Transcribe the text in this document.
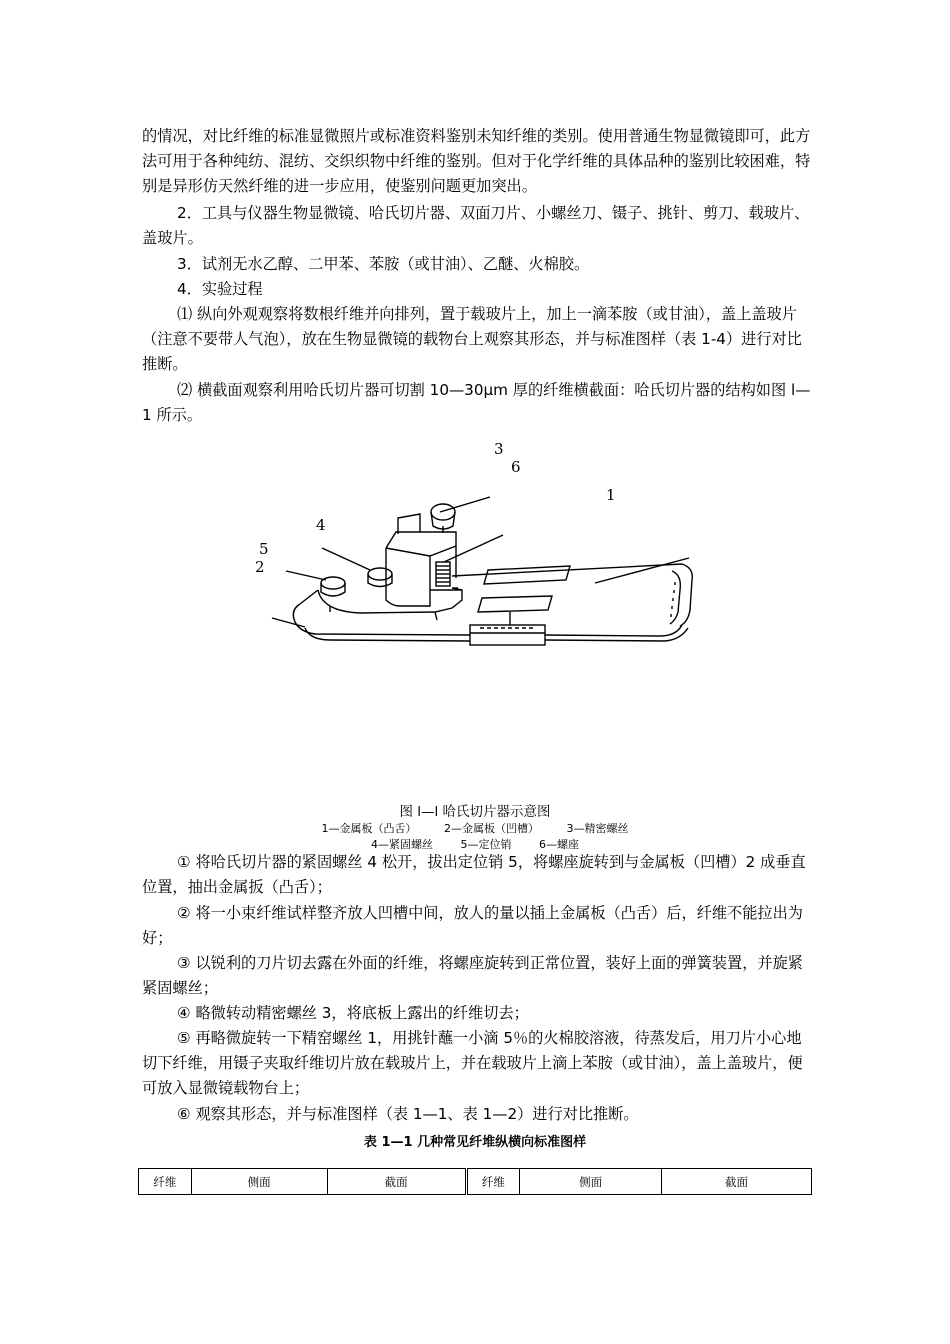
的情况，对比纤维的标准显微照片或标准资料鉴别未知纤维的类别。使用普通生物显微镜即可，此方法可用于各种纯纺、混纺、交织织物中纤维的鉴别。但对于化学纤维的具体品种的鉴别比较困难，特别是异形仿天然纤维的进一步应用，使鉴别问题更加突出。
2．工具与仪器生物显微镜、哈氏切片器、双面刀片、小螺丝刀、镊子、挑针、剪刀、载玻片、盖玻片。
3．试剂无水乙醇、二甲苯、苯胺（或甘油）、乙醚、火棉胶。
4．实验过程
⑴ 纵向外观观察将数根纤维并向排列，置于载玻片上，加上一滴苯胺（或甘油），盖上盖玻片（注意不要带人气泡），放在生物显微镜的载物台上观察其形态，并与标准图样（表 1-4）进行对比推断。
⑵ 横截面观察利用哈氏切片器可切割 10—30μm 厚的纤维横截面：哈氏切片器的结构如图 l—1 所示。
3
6
1
4
5
2
图 l—l 哈氏切片器示意图
1—金属板（凸舌）	2—金属板（凹槽）	3—精密螺丝
4—紧固螺丝	5—定位销	6—螺座
① 将哈氏切片器的紧固螺丝 4 松开，拔出定位销 5，将螺座旋转到与金属板（凹槽）2 成垂直位置，抽出金属扳（凸舌）；
② 将一小束纤维试样整齐放人凹槽中间，放人的量以插上金属板（凸舌）后，纤维不能拉出为好；
③ 以锐利的刀片切去露在外面的纤维，将螺座旋转到正常位置，装好上面的弹簧装置，并旋紧紧固螺丝；
④ 略微转动精密螺丝 3，将底板上露出的纤维切去；
⑤ 再略微旋转一下精窑螺丝 1，用挑针蘸一小滴 5％的火棉胶溶液，待蒸发后，用刀片小心地切下纤维，用镊子夹取纤维切片放在载玻片上，并在载玻片上滴上苯胺（或甘油），盖上盖玻片，便可放入显微镜载物台上；
⑥ 观察其形态，并与标准图样（表 1—1、表 1—2）进行对比推断。
表 1—1 几种常见纤堆纵横向标准图样
纤维	侧面	截面	纤维	侧面	截面
